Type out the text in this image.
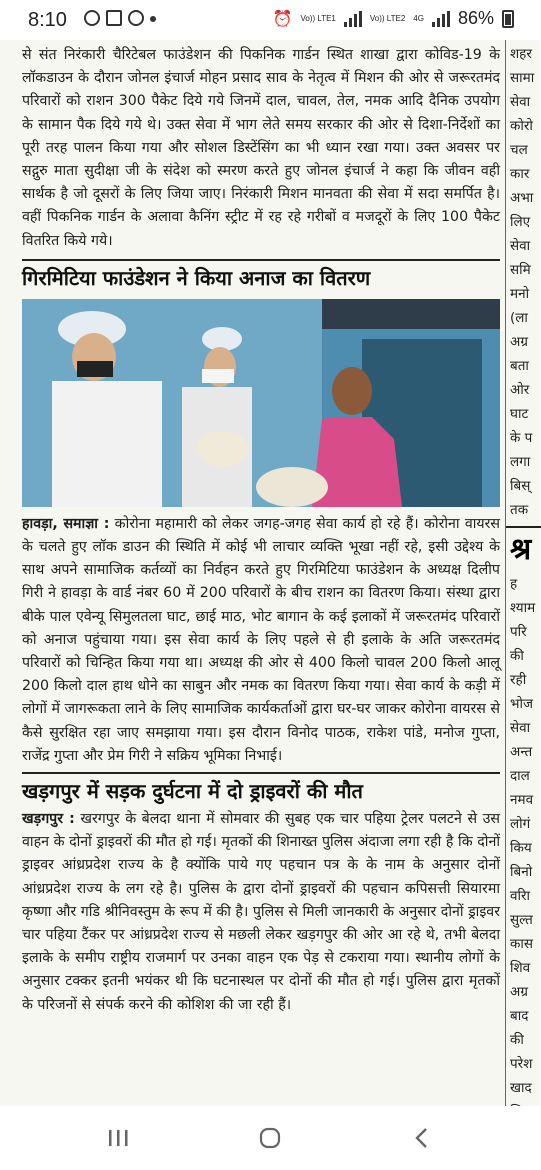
8:10	⏰ Vo)) LTE1	Vo)) LTE2 4G 86%

से संत निरंकारी चैरिटेबल फाउंडेशन की पिकनिक गार्डन स्थित शाखा द्वारा कोविड-19 के लॉकडाउन के दौरान जोनल इंचार्ज मोहन प्रसाद साव के नेतृत्व में मिशन की ओर से जरूरतमंद परिवारों को राशन 300 पैकेट दिये गये जिनमें दाल, चावल, तेल, नमक आदि दैनिक उपयोग के सामान पैक दिये गये थे। उक्त सेवा में भाग लेते समय सरकार की ओर से दिशा-निर्देशों का पूरी तरह पालन किया गया और सोशल डिस्टेंसिंग का भी ध्यान रखा गया। उक्त अवसर पर सद्गुरु माता सुदीक्षा जी के संदेश को स्मरण करते हुए जोनल इंचार्ज ने कहा कि जीवन वही सार्थक है जो दूसरों के लिए जिया जाए। निरंकारी मिशन मानवता की सेवा में सदा समर्पित है। वहीं पिकनिक गार्डन के अलावा कैनिंग स्ट्रीट में रह रहे गरीबों व मजदूरों के लिए 100 पैकेट वितरित किये गये।

गिरमिटिया फाउंडेशन ने किया अनाज का वितरण

हावड़ा, समाज्ञा : कोरोना महामारी को लेकर जगह-जगह सेवा कार्य हो रहे हैं। कोरोना वायरस के चलते हुए लॉक डाउन की स्थिति में कोई भी लाचार व्यक्ति भूखा नहीं रहे, इसी उद्देश्य के साथ अपने सामाजिक कर्तव्यों का निर्वहन करते हुए गिरमिटिया फाउंडेशन के अध्यक्ष दिलीप गिरी ने हावड़ा के वार्ड नंबर 60 में 200 परिवारों के बीच राशन का वितरण किया। संस्था द्वारा बीके पाल एवेन्यू सिमुलतला घाट, छाई माठ, भोट बागान के कई इलाकों में जरूरतमंद परिवारों को अनाज पहुंचाया गया। इस सेवा कार्य के लिए पहले से ही इलाके के अति जरूरतमंद परिवारों को चिन्हित किया गया था। अध्यक्ष की ओर से 400 किलो चावल 200 किलो आलू 200 किलो दाल हाथ धोने का साबुन और नमक का वितरण किया गया। सेवा कार्य के कड़ी में लोगों में जागरूकता लाने के लिए सामाजिक कार्यकर्ताओं द्वारा घर-घर जाकर कोरोना वायरस से कैसे सुरक्षित रहा जाए समझाया गया। इस दौरान विनोद पाठक, राकेश पांडे, मनोज गुप्ता, राजेंद्र गुप्ता और प्रेम गिरी ने सक्रिय भूमिका निभाई।

खड़गपुर में सड़क दुर्घटना में दो ड्राइवरों की मौत

खड़गपुर : खरगपुर के बेलदा थाना में सोमवार की सुबह एक चार पहिया ट्रेलर पलटने से उस वाहन के दोनों ड्राइवरों की मौत हो गई। मृतकों की शिनाख्त पुलिस अंदाजा लगा रही है कि दोनों ड्राइवर आंध्रप्रदेश राज्य के है क्योंकि पाये गए पहचान पत्र के के नाम के अनुसार दोनों आंध्रप्रदेश राज्य के लग रहे है। पुलिस के द्वारा दोनों ड्राइवरों की पहचान कपिसत्ती सियारमा कृष्णा और गडि श्रीनिवस्तुम के रूप में की है। पुलिस से मिली जानकारी के अनुसार दोनों ड्राइवर चार पहिया टैंकर पर आंध्रप्रदेश राज्य से मछली लेकर खड़गपुर की ओर आ रहे थे, तभी बेलदा इलाके के समीप राष्ट्रीय राजमार्ग पर उनका वाहन एक पेड़ से टकराया गया। स्थानीय लोगों के अनुसार टक्कर इतनी भयंकर थी कि घटनास्थल पर दोनों की मौत हो गई। पुलिस द्वारा मृतकों के परिजनों से संपर्क करने की कोशिश की जा रही हैं।

शहर
सामा
सेवा
कोरो
चल
कार
अभा
लिए
सेवा
समि
मनो
(ला
अग्र
बता
ओर
घाट
के प
लगा
बिस्
तक
श्र
ह
श्याम
परि
की
रही
भोज
सेवा
अन्त
दाल
नमव
लोगं
किय
बिनो
वरिा
सुल्त
कास
शिव
अग्र
बाद
की
परेश
खाद
